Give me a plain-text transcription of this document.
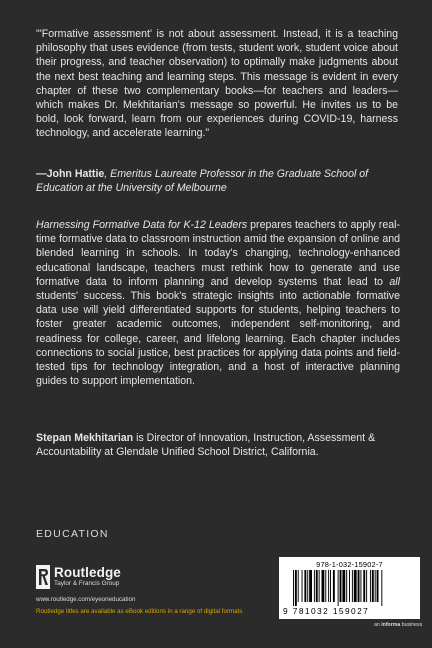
"'Formative assessment' is not about assessment. Instead, it is a teaching philosophy that uses evidence (from tests, student work, student voice about their progress, and teacher observation) to optimally make judgments about the next best teaching and learning steps. This message is evident in every chapter of these two complementary books—for teachers and leaders—which makes Dr. Mekhitarian's message so powerful. He invites us to be bold, look forward, learn from our experiences during COVID-19, harness technology, and accelerate learning."

—John Hattie, Emeritus Laureate Professor in the Graduate School of Education at the University of Melbourne

Harnessing Formative Data for K-12 Leaders prepares teachers to apply real-time formative data to classroom instruction amid the expansion of online and blended learning in schools. In today's changing, technology-enhanced educational landscape, teachers must rethink how to generate and use formative data to inform planning and develop systems that lead to all students' success. This book's strategic insights into actionable formative data use will yield differentiated supports for students, helping teachers to foster greater academic outcomes, independent self-monitoring, and readiness for college, career, and lifelong learning. Each chapter includes connections to social justice, best practices for applying data points and field-tested tips for technology integration, and a host of interactive planning guides to support implementation.

Stepan Mekhitarian is Director of Innovation, Instruction, Assessment & Accountability at Glendale Unified School District, California.
EDUCATION
Routledge
Taylor & Francis Group
www.routledge.com/eyeoneducation
Routledge titles are available as eBook editions in a range of digital formats
978-1-032-15902-7
9 781032 159027
an informa business
